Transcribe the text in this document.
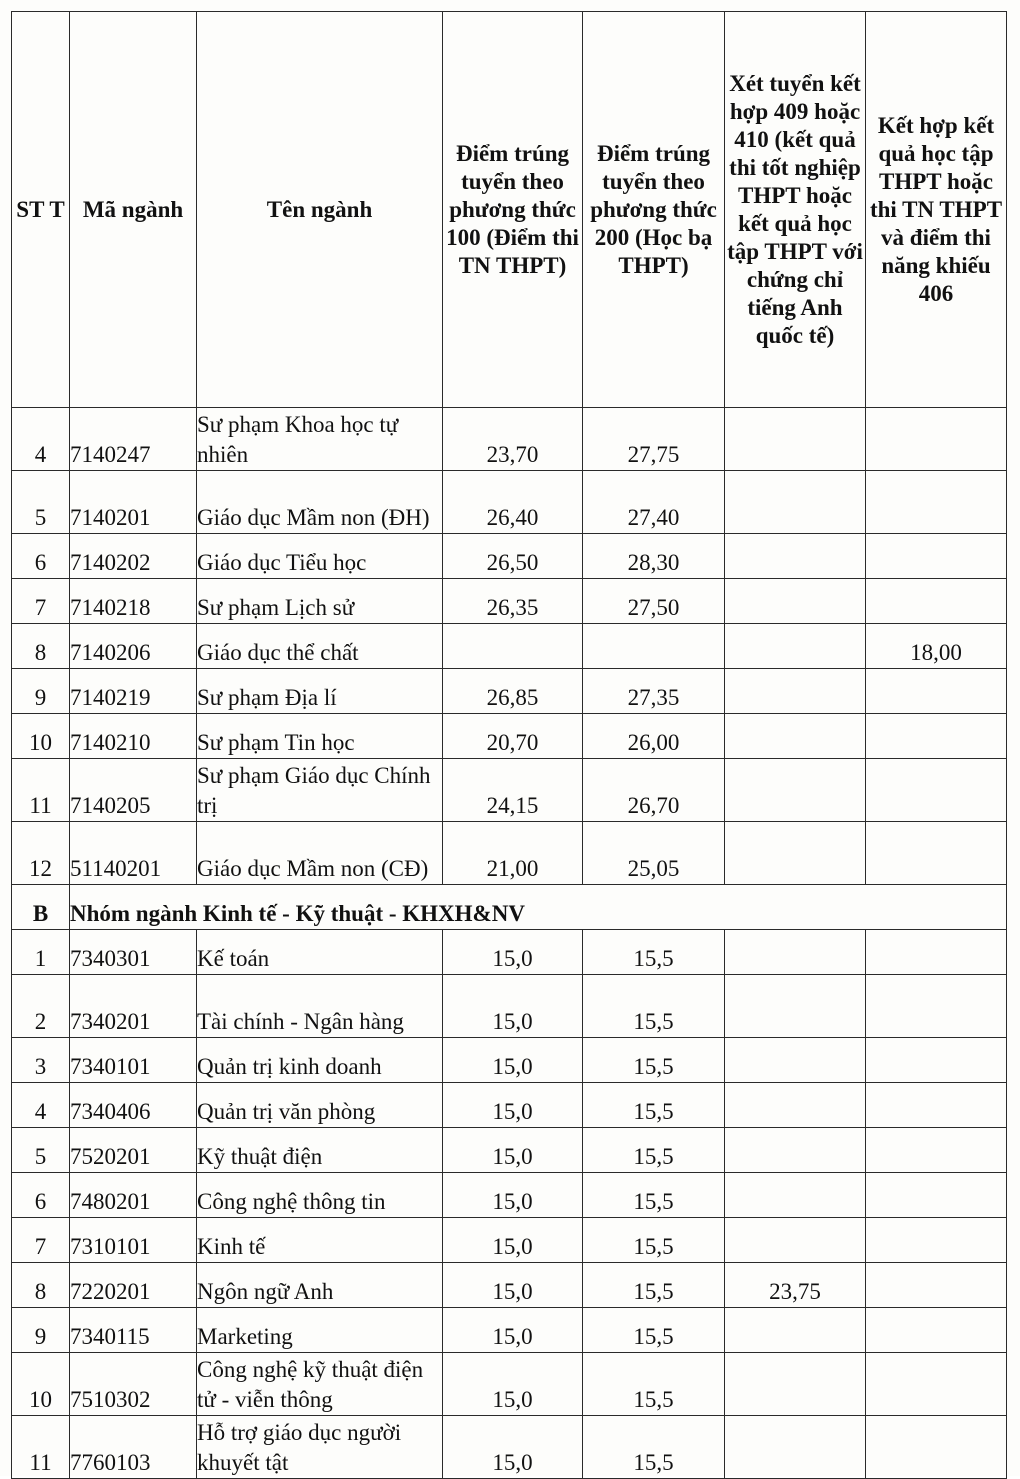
ST T	Mã ngành	Tên ngành	Điểm trúng tuyển theo phương thức 100 (Điểm thi TN THPT)	Điểm trúng tuyển theo phương thức 200 (Học bạ THPT)	Xét tuyển kết hợp 409 hoặc 410 (kết quả thi tốt nghiệp THPT hoặc kết quả học tập THPT với chứng chỉ tiếng Anh quốc tế)	Kết hợp kết quả học tập THPT hoặc thi TN THPT và điểm thi năng khiếu 406
4	7140247	Sư phạm Khoa học tự nhiên	23,70	27,75		
5	7140201	Giáo dục Mầm non (ĐH)	26,40	27,40		
6	7140202	Giáo dục Tiểu học	26,50	28,30		
7	7140218	Sư phạm Lịch sử	26,35	27,50		
8	7140206	Giáo dục thể chất				18,00
9	7140219	Sư phạm Địa lí	26,85	27,35		
10	7140210	Sư phạm Tin học	20,70	26,00		
11	7140205	Sư phạm Giáo dục Chính trị	24,15	26,70		
12	51140201	Giáo dục Mầm non (CĐ)	21,00	25,05		
B	Nhóm ngành Kinh tế - Kỹ thuật - KHXH&NV					
1	7340301	Kế toán	15,0	15,5		
2	7340201	Tài chính - Ngân hàng	15,0	15,5		
3	7340101	Quản trị kinh doanh	15,0	15,5		
4	7340406	Quản trị văn phòng	15,0	15,5		
5	7520201	Kỹ thuật điện	15,0	15,5		
6	7480201	Công nghệ thông tin	15,0	15,5		
7	7310101	Kinh tế	15,0	15,5		
8	7220201	Ngôn ngữ Anh	15,0	15,5	23,75	
9	7340115	Marketing	15,0	15,5		
10	7510302	Công nghệ kỹ thuật điện tử - viễn thông	15,0	15,5		
11	7760103	Hỗ trợ giáo dục người khuyết tật	15,0	15,5		
